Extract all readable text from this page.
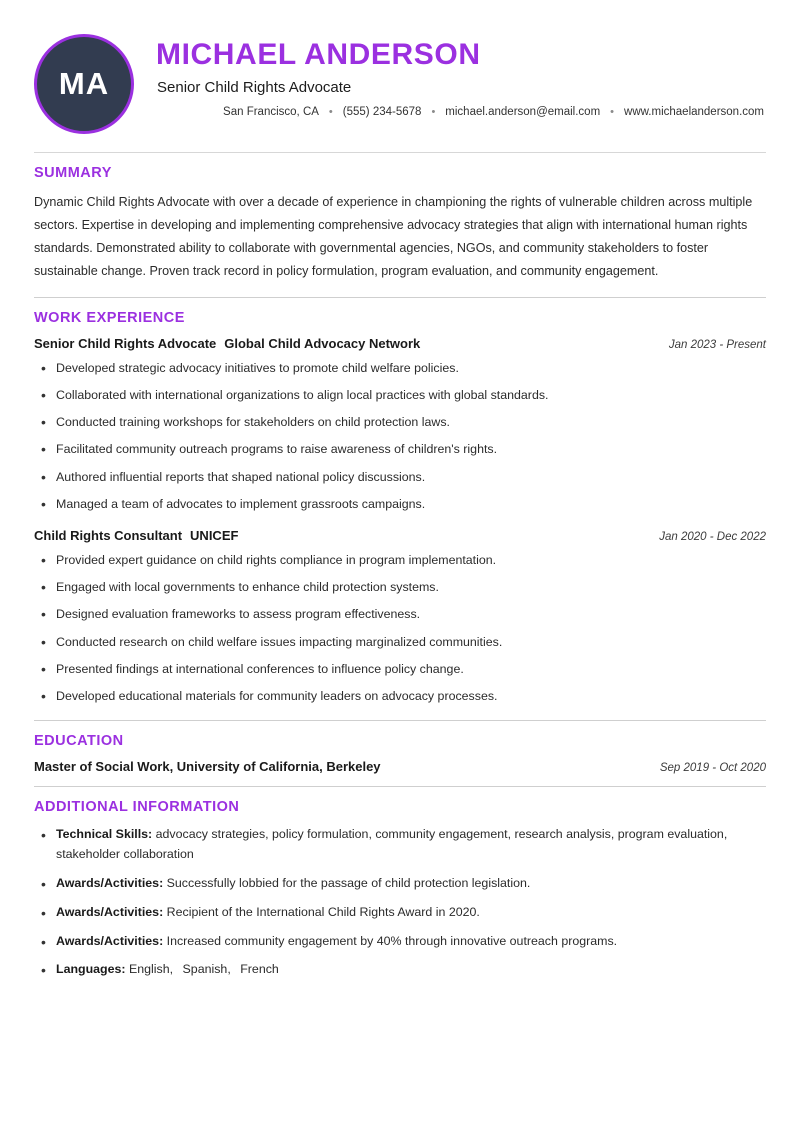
MA
MICHAEL ANDERSON
Senior Child Rights Advocate
San Francisco, CA • (555) 234-5678 • michael.anderson@email.com • www.michaelanderson.com
SUMMARY

Dynamic Child Rights Advocate with over a decade of experience in championing the rights of vulnerable children across multiple sectors. Expertise in developing and implementing comprehensive advocacy strategies that align with international human rights standards. Demonstrated ability to collaborate with governmental agencies, NGOs, and community stakeholders to foster sustainable change. Proven track record in policy formulation, program evaluation, and community engagement.

WORK EXPERIENCE
Senior Child Rights Advocate Global Child Advocacy Network	Jan 2023 - Present
• Developed strategic advocacy initiatives to promote child welfare policies.
• Collaborated with international organizations to align local practices with global standards.
• Conducted training workshops for stakeholders on child protection laws.
• Facilitated community outreach programs to raise awareness of children's rights.
• Authored influential reports that shaped national policy discussions.
• Managed a team of advocates to implement grassroots campaigns.
Child Rights Consultant UNICEF	Jan 2020 - Dec 2022
• Provided expert guidance on child rights compliance in program implementation.
• Engaged with local governments to enhance child protection systems.
• Designed evaluation frameworks to assess program effectiveness.
• Conducted research on child welfare issues impacting marginalized communities.
• Presented findings at international conferences to influence policy change.
• Developed educational materials for community leaders on advocacy processes.
EDUCATION
Master of Social Work, University of California, Berkeley	Sep 2019 - Oct 2020
ADDITIONAL INFORMATION
• Technical Skills: advocacy strategies, policy formulation, community engagement, research analysis, program evaluation, stakeholder collaboration
• Awards/Activities: Successfully lobbied for the passage of child protection legislation.
• Awards/Activities: Recipient of the International Child Rights Award in 2020.
• Awards/Activities: Increased community engagement by 40% through innovative outreach programs.
• Languages: English, Spanish, French
